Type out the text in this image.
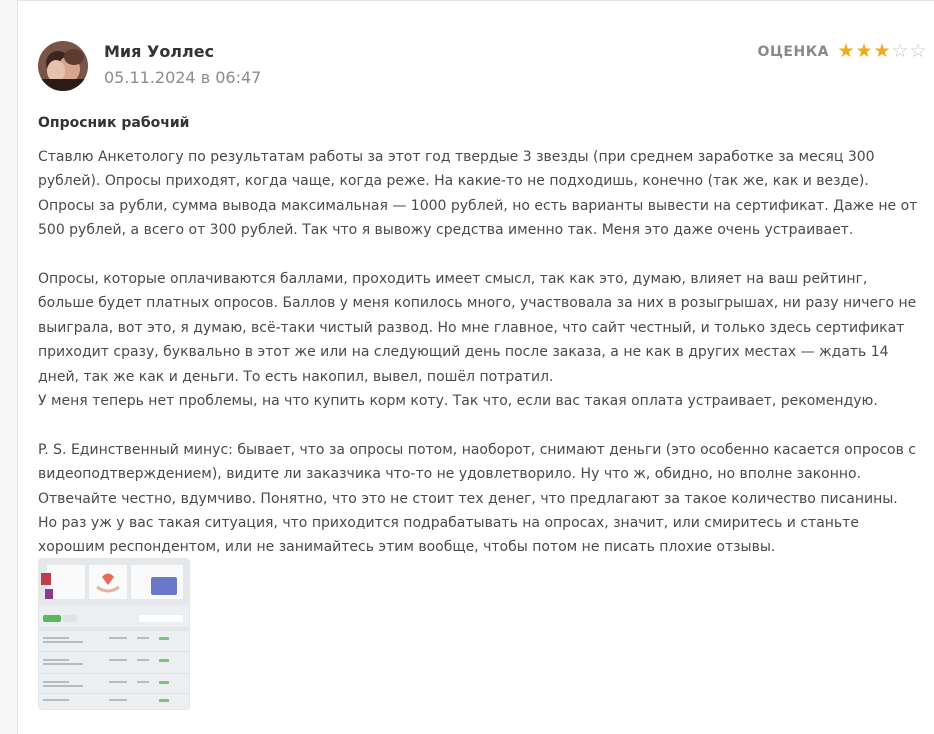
Мия Уоллес
05.11.2024 в 06:47
ОЦЕНКА ★ ★ ★ ☆ ☆
Опросник рабочий

Ставлю Анкетологу по результатам работы за этот год твердые 3 звезды (при среднем заработке за месяц 300 рублей). Опросы приходят, когда чаще, когда реже. На какие-то не подходишь, конечно (так же, как и везде). Опросы за рубли, сумма вывода максимальная — 1000 рублей, но есть варианты вывести на сертификат. Даже не от 500 рублей, а всего от 300 рублей. Так что я вывожу средства именно так. Меня это даже очень устраивает.

Опросы, которые оплачиваются баллами, проходить имеет смысл, так как это, думаю, влияет на ваш рейтинг, больше будет платных опросов. Баллов у меня копилось много, участвовала за них в розыгрышах, ни разу ничего не выиграла, вот это, я думаю, всё-таки чистый развод. Но мне главное, что сайт честный, и только здесь сертификат приходит сразу, буквально в этот же или на следующий день после заказа, а не как в других местах — ждать 14 дней, так же как и деньги. То есть накопил, вывел, пошёл потратил.

У меня теперь нет проблемы, на что купить корм коту. Так что, если вас такая оплата устраивает, рекомендую.

P. S. Единственный минус: бывает, что за опросы потом, наоборот, снимают деньги (это особенно касается опросов с видеоподтверждением), видите ли заказчика что-то не удовлетворило. Ну что ж, обидно, но вполне законно. Отвечайте честно, вдумчиво. Понятно, что это не стоит тех денег, что предлагают за такое количество писанины. Но раз уж у вас такая ситуация, что приходится подрабатывать на опросах, значит, или смиритесь и станьте хорошим респондентом, или не занимайтесь этим вообще, чтобы потом не писать плохие отзывы.
